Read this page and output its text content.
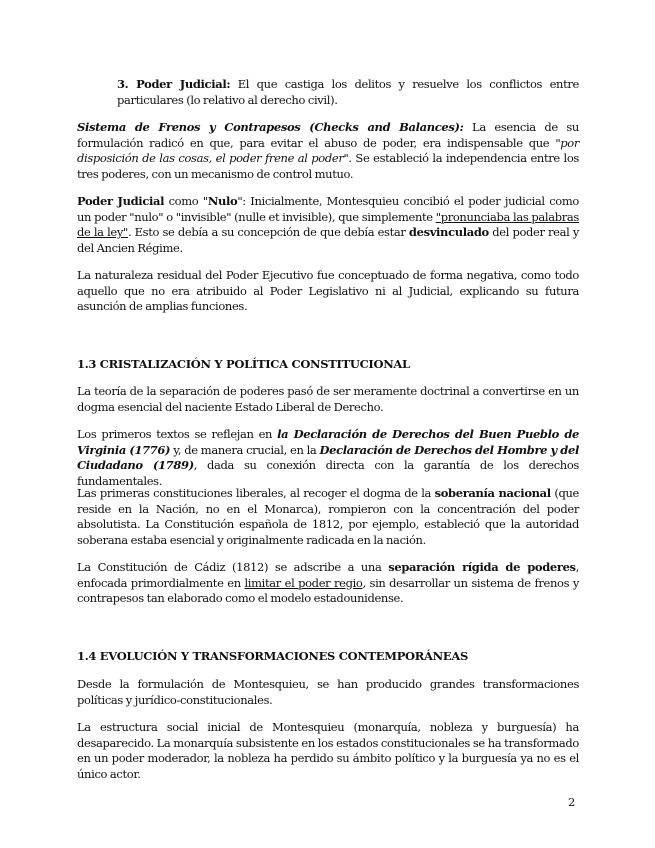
3. Poder Judicial: El que castiga los delitos y resuelve los conflictos entre particulares (lo relativo al derecho civil).

Sistema de Frenos y Contrapesos (Checks and Balances): La esencia de su formulación radicó en que, para evitar el abuso de poder, era indispensable que "por disposición de las cosas, el poder frene al poder". Se estableció la independencia entre los tres poderes, con un mecanismo de control mutuo.

Poder Judicial como "Nulo": Inicialmente, Montesquieu concibió el poder judicial como un poder "nulo" o "invisible" (nulle et invisible), que simplemente "pronunciaba las palabras de la ley". Esto se debía a su concepción de que debía estar desvinculado del poder real y del Ancien Régime.

La naturaleza residual del Poder Ejecutivo fue conceptuado de forma negativa, como todo aquello que no era atribuido al Poder Legislativo ni al Judicial, explicando su futura asunción de amplias funciones.

1.3 CRISTALIZACIÓN Y POLÍTICA CONSTITUCIONAL

La teoría de la separación de poderes pasó de ser meramente doctrinal a convertirse en un dogma esencial del naciente Estado Liberal de Derecho.

Los primeros textos se reflejan en la Declaración de Derechos del Buen Pueblo de Virginia (1776) y, de manera crucial, en la Declaración de Derechos del Hombre y del Ciudadano (1789), dada su conexión directa con la garantía de los derechos fundamentales.

Las primeras constituciones liberales, al recoger el dogma de la soberanía nacional (que reside en la Nación, no en el Monarca), rompieron con la concentración del poder absolutista. La Constitución española de 1812, por ejemplo, estableció que la autoridad soberana estaba esencial y originalmente radicada en la nación.

La Constitución de Cádiz (1812) se adscribe a una separación rígida de poderes, enfocada primordialmente en limitar el poder regio, sin desarrollar un sistema de frenos y contrapesos tan elaborado como el modelo estadounidense.

1.4 EVOLUCIÓN Y TRANSFORMACIONES CONTEMPORÁNEAS

Desde la formulación de Montesquieu, se han producido grandes transformaciones políticas y jurídico-constitucionales.

La estructura social inicial de Montesquieu (monarquía, nobleza y burguesía) ha desaparecido. La monarquía subsistente en los estados constitucionales se ha transformado en un poder moderador, la nobleza ha perdido su ámbito político y la burguesía ya no es el único actor.

2
